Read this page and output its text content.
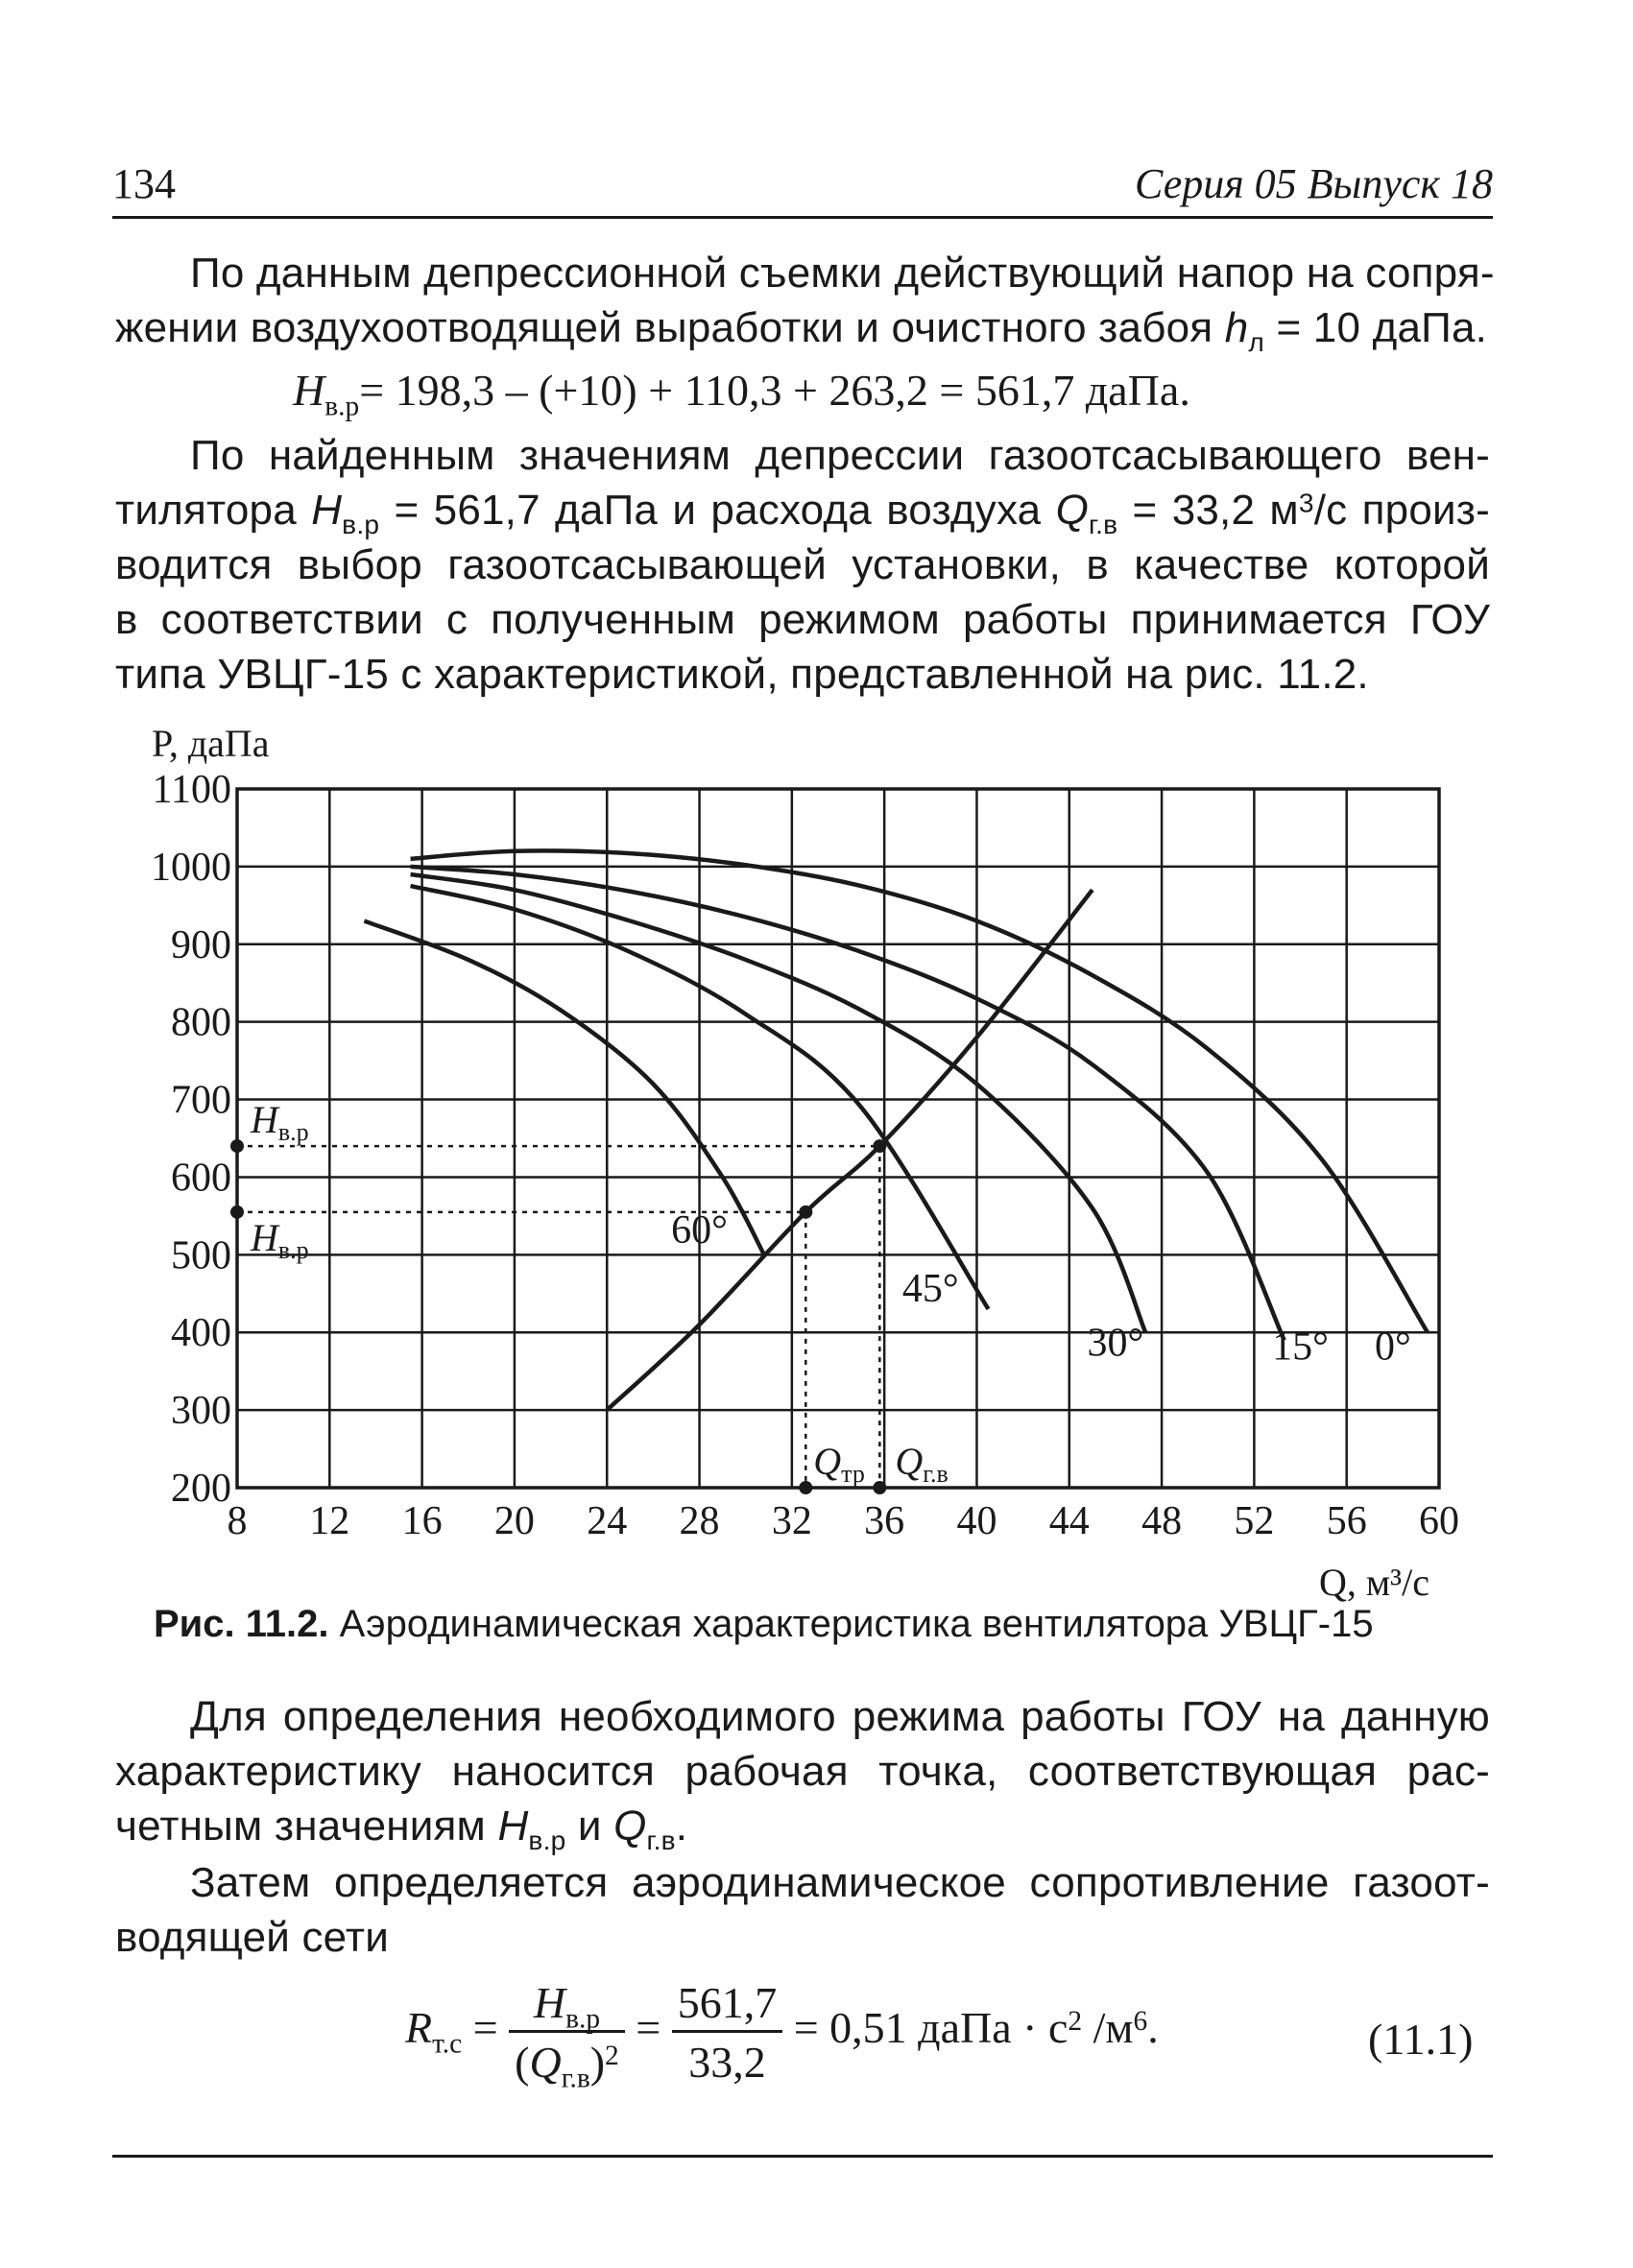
134	Серия 05 Выпуск 18
По данным депрессионной съемки действующий напор на сопря-
жении воздухоотводящей выработки и очистного забоя $h_л = 10$ даПа.
$H_{в.р}= 198,3 - (+10) + 110,3 + 263,2 = 561,7$ даПа.
По найденным значениям депрессии газоотсасывающего вен-
тилятора $H_{в.р} = 561,7$ даПа и расхода воздуха $Q_{г.в} = 33,2$ $м^3/с$ произ-
водится выбор газоотсасывающей установки, в качестве которой
в соответствии с полученным режимом работы принимается ГОУ
типа УВЦГ-15 с характеристикой, представленной на рис. 11.2.
8 12 16 20 24 28 32 36 40 44 48 52 56 60
1100
1000
900
800
700
600
500
400
300
200
P, даПа
Q, м³/с
60°
45°
30°	15° 0°
$H_{в.р}$
$H_{в.р}$
$Q_{тр}$ $Q_{г.в}$
Рис. 11.2. Аэродинамическая характеристика вентилятора УВЦГ-15
Для определения необходимого режима работы ГОУ на данную
характеристику наносится рабочая точка, соответствующая рас-
четным значениям $H_{в.р}$ и $Q_{г.в}$.
Затем определяется аэродинамическое сопротивление газоот-
водящей сети
$R_{т.с} = \frac{H_{в.р}}{(Q_{г.в})^2} = \frac{561,7}{33,2} = 0,51$ даПа · $с^2$ $/м^6$.	(11.1)
